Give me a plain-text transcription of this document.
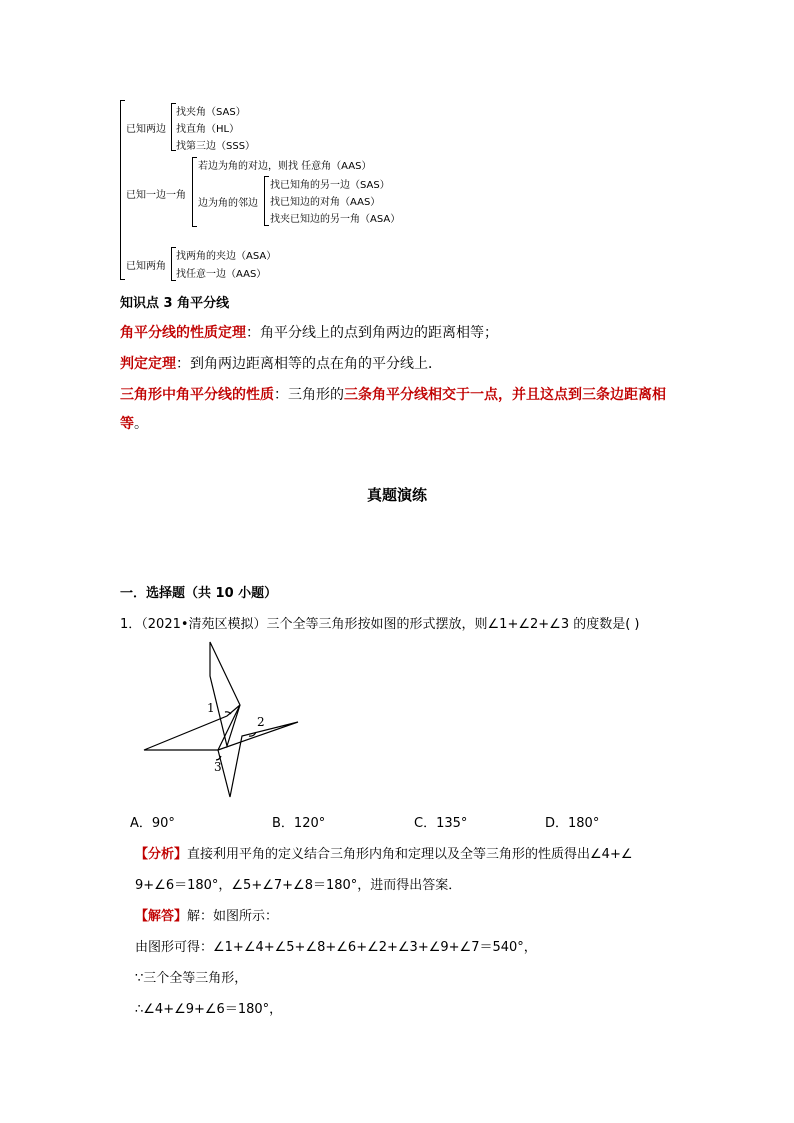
已知两边
找夹角（SAS）
找直角（HL）
找第三边（SSS）
已知一边一角
若边为角的对边，则找 任意角（AAS）
边为角的邻边
找已知角的另一边（SAS）
找已知边的对角（AAS）
找夹已知边的另一角（ASA）
已知两角
找两角的夹边（ASA）
找任意一边（AAS）
知识点 3 角平分线
角平分线的性质定理：角平分线上的点到角两边的距离相等；
判定定理：到角两边距离相等的点在角的平分线上．
三角形中角平分线的性质：三角形的三条角平分线相交于一点，并且这点到三条边距离相
等。
真题演练
一．选择题（共 10 小题）
1．（2021•清苑区模拟）三个全等三角形按如图的形式摆放，则∠1+∠2+∠3 的度数是( )
1
2
3
A．90°	B．120°	C．135°	D．180°
【分析】直接利用平角的定义结合三角形内角和定理以及全等三角形的性质得出∠4+∠
9+∠6＝180°，∠5+∠7+∠8＝180°，进而得出答案．
【解答】解：如图所示：
由图形可得：∠1+∠4+∠5+∠8+∠6+∠2+∠3+∠9+∠7＝540°，
∵三个全等三角形，
∴∠4+∠9+∠6＝180°，
